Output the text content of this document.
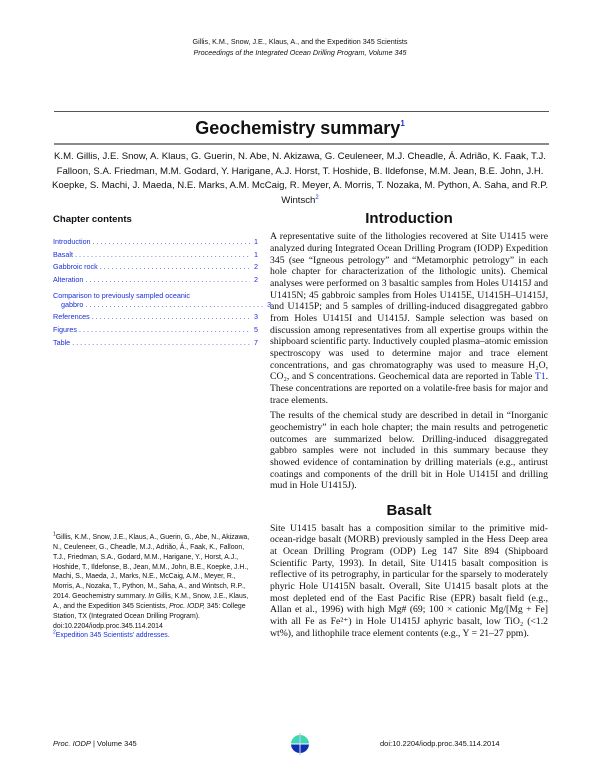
Gillis, K.M., Snow, J.E., Klaus, A., and the Expedition 345 Scientists
Proceedings of the Integrated Ocean Drilling Program, Volume 345
Geochemistry summary$^1$
K.M. Gillis, J.E. Snow, A. Klaus, G. Guerin, N. Abe, N. Akizawa, G. Ceuleneer, M.J. Cheadle, Á. Adrião, K. Faak, T.J. Falloon, S.A. Friedman, M.M. Godard, Y. Harigane, A.J. Horst, T. Hoshide, B. Ildefonse, M.M. Jean, B.E. John, J.H. Koepke, S. Machi, J. Maeda, N.E. Marks, A.M. McCaig, R. Meyer, A. Morris, T. Nozaka, M. Python, A. Saha, and R.P. Wintsch$^2$
Chapter contents
Introduction . . .	1
Basalt . . .	1
Gabbroic rock . . .	2
Alteration . . .	2
Comparison to previously sampled oceanic
gabbro . . .	3
References . . .	3
Figures . . .	5
Table . . .	7
Introduction
A representative suite of the lithologies recovered at Site U1415 were analyzed during Integrated Ocean Drilling Program (IODP) Expedition 345 (see “Igneous petrology” and “Metamorphic petrology” in each hole chapter for characterization of the lithologic units). Chemical analyses were performed on 3 basaltic samples from Holes U1415J and U1415N; 45 gabbroic samples from Holes U1415E, U1415H–U1415J, and U1415P; and 5 samples of drilling-induced disaggregated gabbro from Holes U1415I and U1415J. Sample selection was based on discussion among representatives from all expertise groups within the shipboard scientific party. Inductively coupled plasma–atomic emission spectroscopy was used to determine major and trace element concentrations, and gas chromatography was used to measure H₂O, CO₂, and S concentrations. Geochemical data are reported in Table T1. These concentrations are reported on a volatile-free basis for major and trace elements.
The results of the chemical study are described in detail in “Inorganic geochemistry” in each hole chapter; the main results and petrogenetic outcomes are summarized below. Drilling-induced disaggregated gabbro samples were not included in this summary because they showed evidence of contamination by drilling materials (e.g., antirust coatings and components of the drill bit in Hole U1415I and drilling mud in Hole U1415J).
Basalt
Site U1415 basalt has a composition similar to the primitive mid-ocean-ridge basalt (MORB) previously sampled in the Hess Deep area at Ocean Drilling Program (ODP) Leg 147 Site 894 (Shipboard Scientific Party, 1993). In detail, Site U1415 basalt composition is reflective of its petrography, in particular for the sparsely to moderately phyric Hole U1415N basalt. Overall, Site U1415 basalt plots at the most depleted end of the East Pacific Rise (EPR) basalt field (e.g., Allan et al., 1996) with high Mg# (69; 100 × cationic Mg/[Mg + Fe] with all Fe as Fe²⁺) in Hole U1415J aphyric basalt, low TiO₂ (<1.2 wt%), and lithophile trace element contents (e.g., Y = 21–27 ppm).
$^1$Gillis, K.M., Snow, J.E., Klaus, A., Guerin, G., Abe, N., Akizawa, N., Ceuleneer, G., Cheadle, M.J., Adrião, Á., Faak, K., Falloon, T.J., Friedman, S.A., Godard, M.M., Harigane, Y., Horst, A.J., Hoshide, T., Ildefonse, B., Jean, M.M., John, B.E., Koepke, J.H., Machi, S., Maeda, J., Marks, N.E., McCaig, A.M., Meyer, R., Morris, A., Nozaka, T., Python, M., Saha, A., and Wintsch, R.P., 2014. Geochemistry summary. In Gillis, K.M., Snow, J.E., Klaus, A., and the Expedition 345 Scientists, Proc. IODP, 345: College Station, TX (Integrated Ocean Drilling Program).
doi:10.2204/iodp.proc.345.114.2014
$^2$Expedition 345 Scientists’ addresses.
Proc. IODP | Volume 345	doi:10.2204/iodp.proc.345.114.2014
